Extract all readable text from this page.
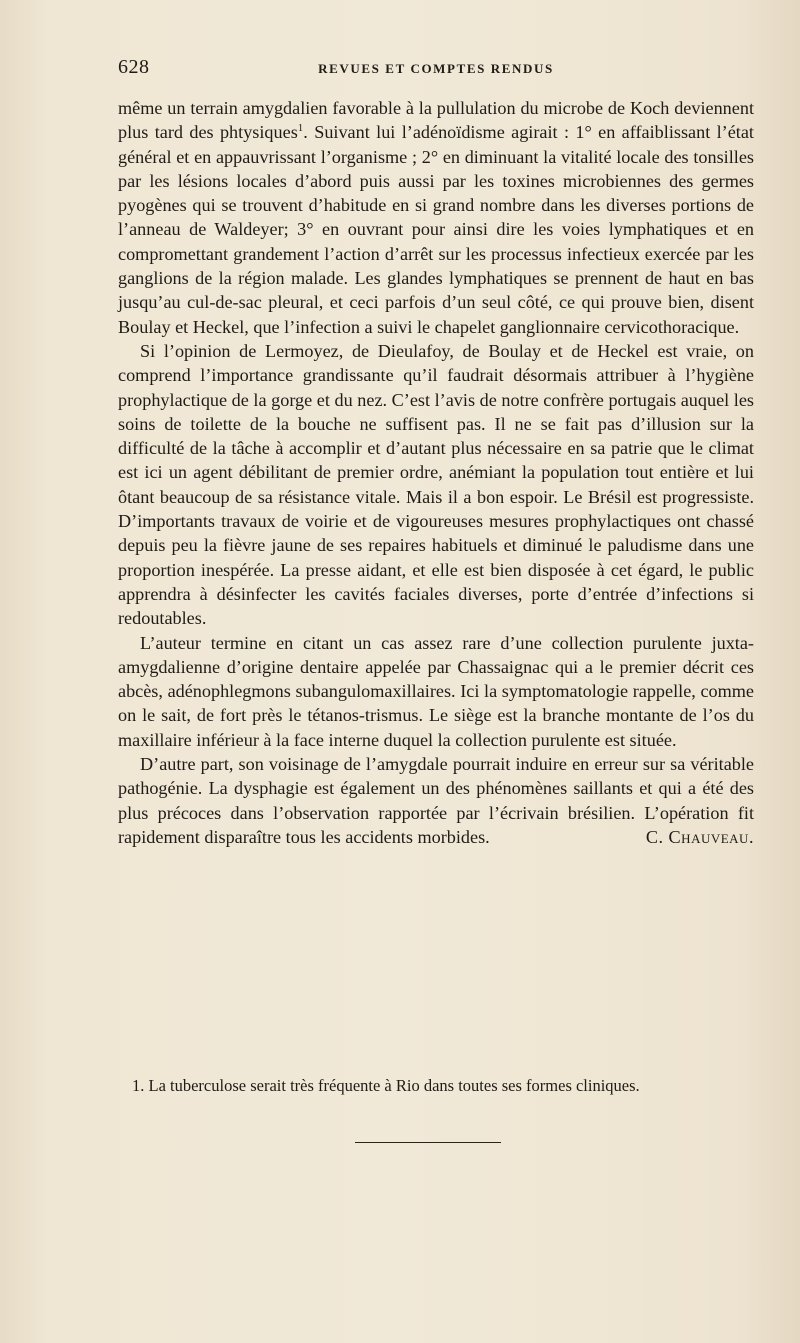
628	REVUES ET COMPTES RENDUS

même un terrain amygdalien favorable à la pullulation du microbe de Koch deviennent plus tard des phtysiques$^1$. Suivant lui l’adénoïdisme agirait : 1° en affaiblissant l’état général et en appauvrissant l’organisme ; 2° en diminuant la vitalité locale des tonsilles par les lésions locales d’abord puis aussi par les toxines microbiennes des germes pyogènes qui se trouvent d’habitude en si grand nombre dans les diverses portions de l’anneau de Waldeyer; 3° en ouvrant pour ainsi dire les voies lymphatiques et en compromettant grandement l’action d’arrêt sur les processus infectieux exercée par les ganglions de la région malade. Les glandes lymphatiques se prennent de haut en bas jusqu’au cul-de-sac pleural, et ceci parfois d’un seul côté, ce qui prouve bien, disent Boulay et Heckel, que l’infection a suivi le chapelet ganglionnaire cervicothoracique.

Si l’opinion de Lermoyez, de Dieulafoy, de Boulay et de Heckel est vraie, on comprend l’importance grandissante qu’il faudrait désormais attribuer à l’hygiène prophylactique de la gorge et du nez. C’est l’avis de notre confrère portugais auquel les soins de toilette de la bouche ne suffisent pas. Il ne se fait pas d’illusion sur la difficulté de la tâche à accomplir et d’autant plus nécessaire en sa patrie que le climat est ici un agent débilitant de premier ordre, anémiant la population tout entière et lui ôtant beaucoup de sa résistance vitale. Mais il a bon espoir. Le Brésil est progressiste. D’importants travaux de voirie et de vigoureuses mesures prophylactiques ont chassé depuis peu la fièvre jaune de ses repaires habituels et diminué le paludisme dans une proportion inespérée. La presse aidant, et elle est bien disposée à cet égard, le public apprendra à désinfecter les cavités faciales diverses, porte d’entrée d’infections si redoutables.

L’auteur termine en citant un cas assez rare d’une collection purulente juxta-amygdalienne d’origine dentaire appelée par Chassaignac qui a le premier décrit ces abcès, adénophlegmons subangulomaxillaires. Ici la symptomatologie rappelle, comme on le sait, de fort près le tétanos-trismus. Le siège est la branche montante de l’os du maxillaire inférieur à la face interne duquel la collection purulente est située.

D’autre part, son voisinage de l’amygdale pourrait induire en erreur sur sa véritable pathogénie. La dysphagie est également un des phénomènes saillants et qui a été des plus précoces dans l’observation rapportée par l’écrivain brésilien. L’opération fit rapidement disparaître tous les accidents morbides.	C. Chauveau.

1. La tuberculose serait très fréquente à Rio dans toutes ses formes cliniques.
